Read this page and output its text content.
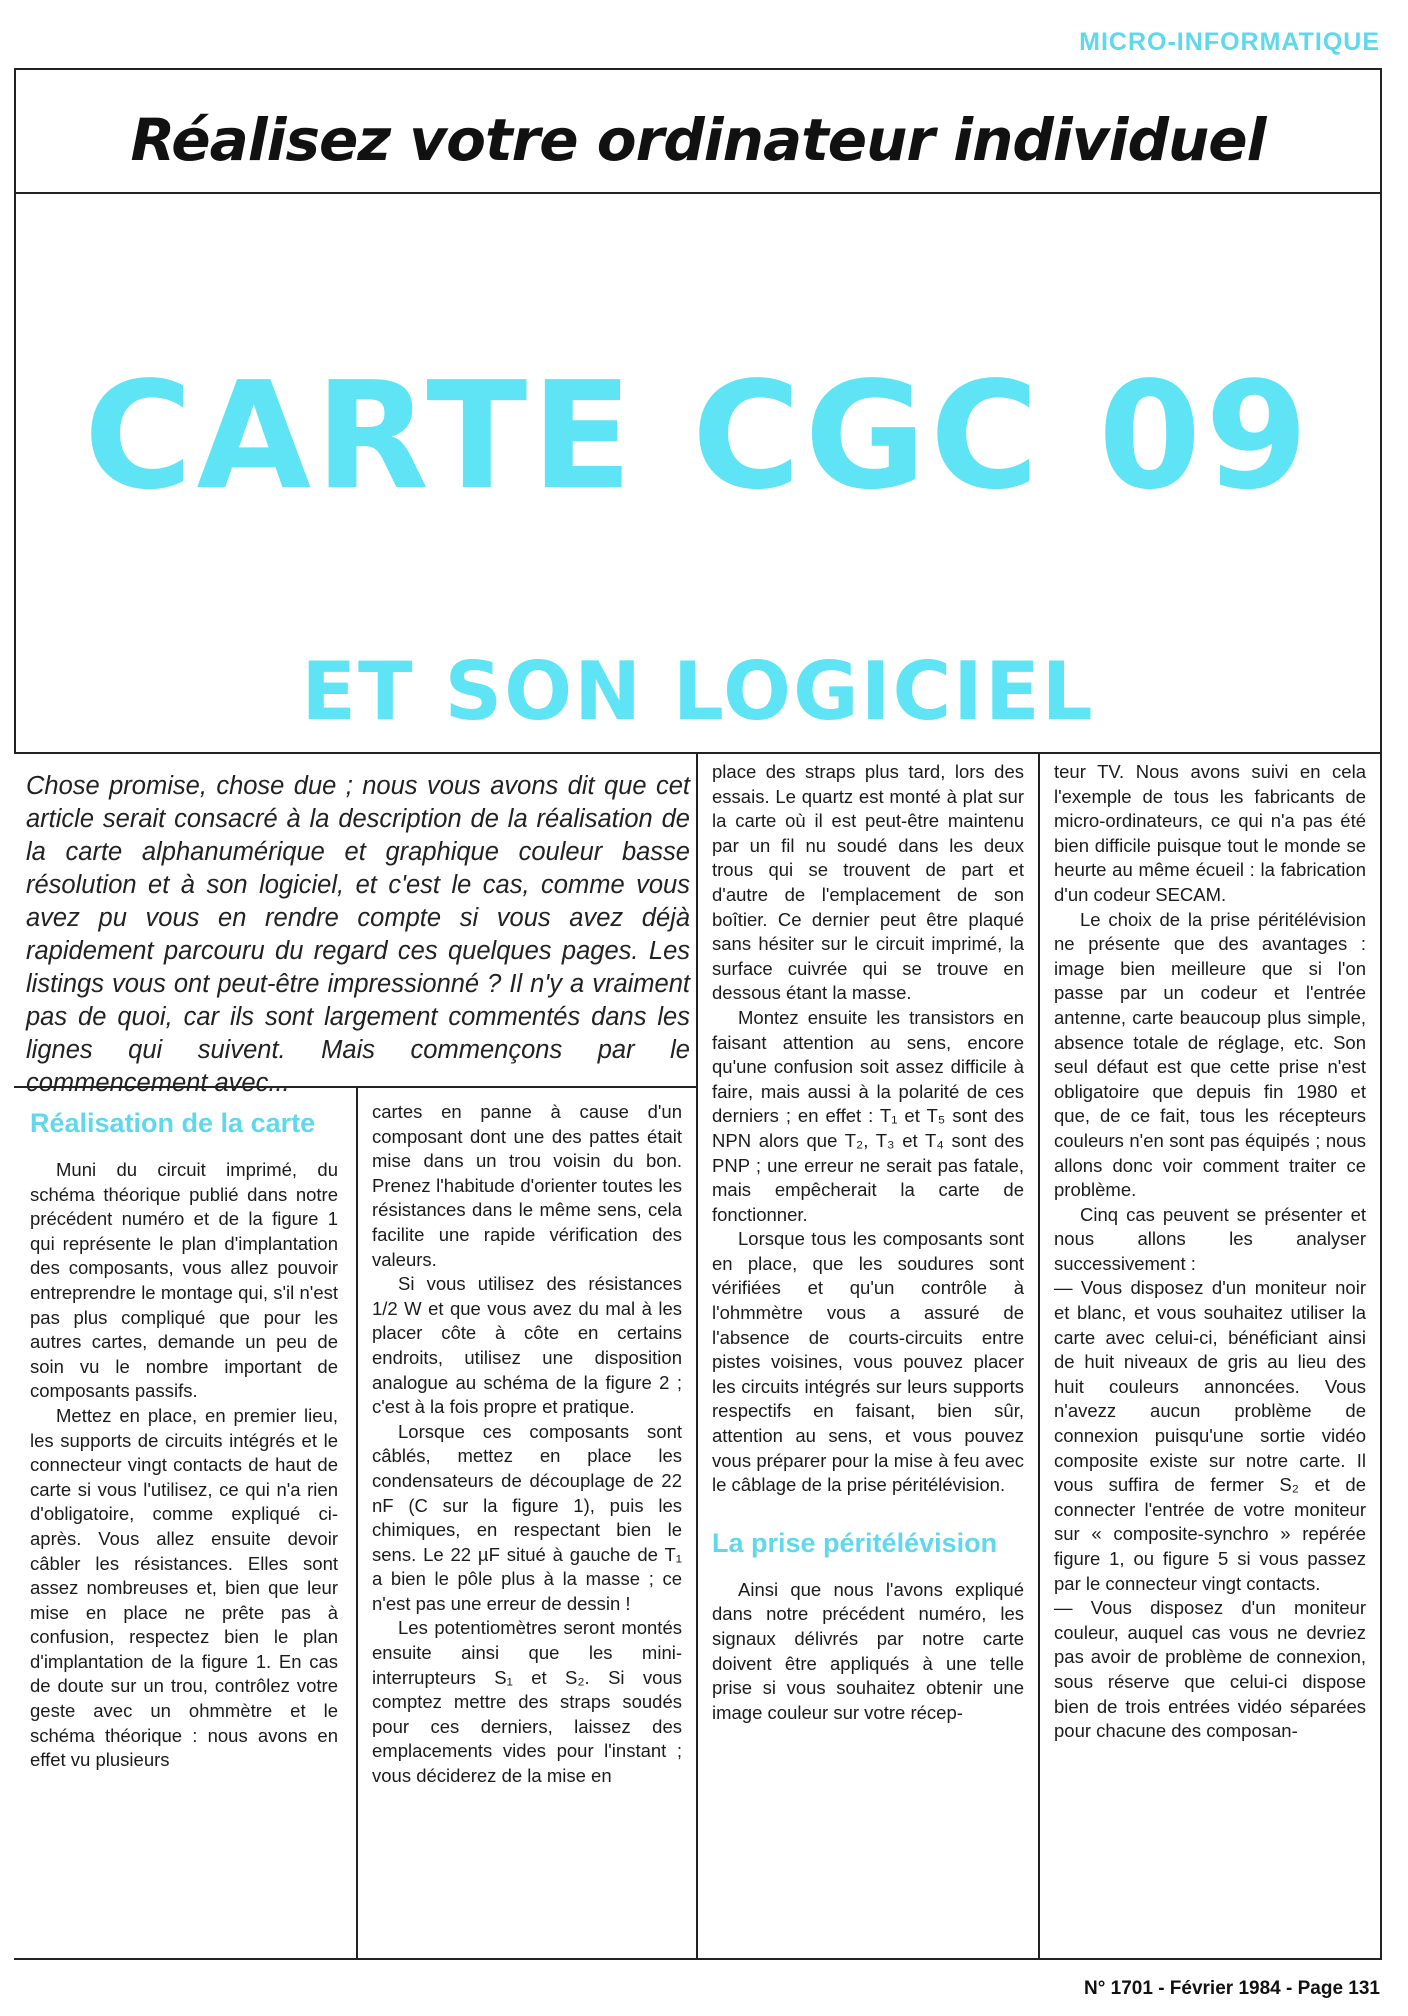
MICRO-INFORMATIQUE
Réalisez votre ordinateur individuel
CARTE CGC 09
ET SON LOGICIEL
Chose promise, chose due ; nous vous avons dit que cet article serait consacré à la description de la réalisation de la carte alphanumérique et graphique couleur basse résolution et à son logiciel, et c'est le cas, comme vous avez pu vous en rendre compte si vous avez déjà rapidement parcouru du regard ces quelques pages. Les listings vous ont peut-être impressionné ? Il n'y a vraiment pas de quoi, car ils sont largement commentés dans les lignes qui suivent. Mais commençons par le commencement avec...
Réalisation de la carte

Muni du circuit imprimé, du schéma théorique publié dans notre précédent numéro et de la figure 1 qui représente le plan d'implantation des composants, vous allez pouvoir entreprendre le montage qui, s'il n'est pas plus compliqué que pour les autres cartes, demande un peu de soin vu le nombre important de composants passifs.

Mettez en place, en premier lieu, les supports de circuits intégrés et le connecteur vingt contacts de haut de carte si vous l'utilisez, ce qui n'a rien d'obligatoire, comme expliqué ci-après. Vous allez ensuite devoir câbler les résistances. Elles sont assez nombreuses et, bien que leur mise en place ne prête pas à confusion, respectez bien le plan d'implantation de la figure 1. En cas de doute sur un trou, contrôlez votre geste avec un ohmmètre et le schéma théorique : nous avons en effet vu plusieurs

cartes en panne à cause d'un composant dont une des pattes était mise dans un trou voisin du bon. Prenez l'habitude d'orienter toutes les résistances dans le même sens, cela facilite une rapide vérification des valeurs.

Si vous utilisez des résistances 1/2 W et que vous avez du mal à les placer côte à côte en certains endroits, utilisez une disposition analogue au schéma de la figure 2 ; c'est à la fois propre et pratique.

Lorsque ces composants sont câblés, mettez en place les condensateurs de découplage de 22 nF (C sur la figure 1), puis les chimiques, en respectant bien le sens. Le 22 µF situé à gauche de T₁ a bien le pôle plus à la masse ; ce n'est pas une erreur de dessin !

Les potentiomètres seront montés ensuite ainsi que les mini-interrupteurs S₁ et S₂. Si vous comptez mettre des straps soudés pour ces derniers, laissez des emplacements vides pour l'instant ; vous déciderez de la mise en

place des straps plus tard, lors des essais. Le quartz est monté à plat sur la carte où il est peut-être maintenu par un fil nu soudé dans les deux trous qui se trouvent de part et d'autre de l'emplacement de son boîtier. Ce dernier peut être plaqué sans hésiter sur le circuit imprimé, la surface cuivrée qui se trouve en dessous étant la masse.

Montez ensuite les transistors en faisant attention au sens, encore qu'une confusion soit assez difficile à faire, mais aussi à la polarité de ces derniers ; en effet : T₁ et T₅ sont des NPN alors que T₂, T₃ et T₄ sont des PNP ; une erreur ne serait pas fatale, mais empêcherait la carte de fonctionner.

Lorsque tous les composants sont en place, que les soudures sont vérifiées et qu'un contrôle à l'ohmmètre vous a assuré de l'absence de courts-circuits entre pistes voisines, vous pouvez placer les circuits intégrés sur leurs supports respectifs en faisant, bien sûr, attention au sens, et vous pouvez vous préparer pour la mise à feu avec le câblage de la prise péritélévision.

La prise péritélévision

Ainsi que nous l'avons expliqué dans notre précédent numéro, les signaux délivrés par notre carte doivent être appliqués à une telle prise si vous souhaitez obtenir une image couleur sur votre récep-

teur TV. Nous avons suivi en cela l'exemple de tous les fabricants de micro-ordinateurs, ce qui n'a pas été bien difficile puisque tout le monde se heurte au même écueil : la fabrication d'un codeur SECAM.

Le choix de la prise péritélévision ne présente que des avantages : image bien meilleure que si l'on passe par un codeur et l'entrée antenne, carte beaucoup plus simple, absence totale de réglage, etc. Son seul défaut est que cette prise n'est obligatoire que depuis fin 1980 et que, de ce fait, tous les récepteurs couleurs n'en sont pas équipés ; nous allons donc voir comment traiter ce problème.

Cinq cas peuvent se présenter et nous allons les analyser successivement :

— Vous disposez d'un moniteur noir et blanc, et vous souhaitez utiliser la carte avec celui-ci, bénéficiant ainsi de huit niveaux de gris au lieu des huit couleurs annoncées. Vous n'avezz aucun problème de connexion puisqu'une sortie vidéo composite existe sur notre carte. Il vous suffira de fermer S₂ et de connecter l'entrée de votre moniteur sur « composite-synchro » repérée figure 1, ou figure 5 si vous passez par le connecteur vingt contacts.

— Vous disposez d'un moniteur couleur, auquel cas vous ne devriez pas avoir de problème de connexion, sous réserve que celui-ci dispose bien de trois entrées vidéo séparées pour chacune des composan-

N° 1701 - Février 1984 - Page 131
